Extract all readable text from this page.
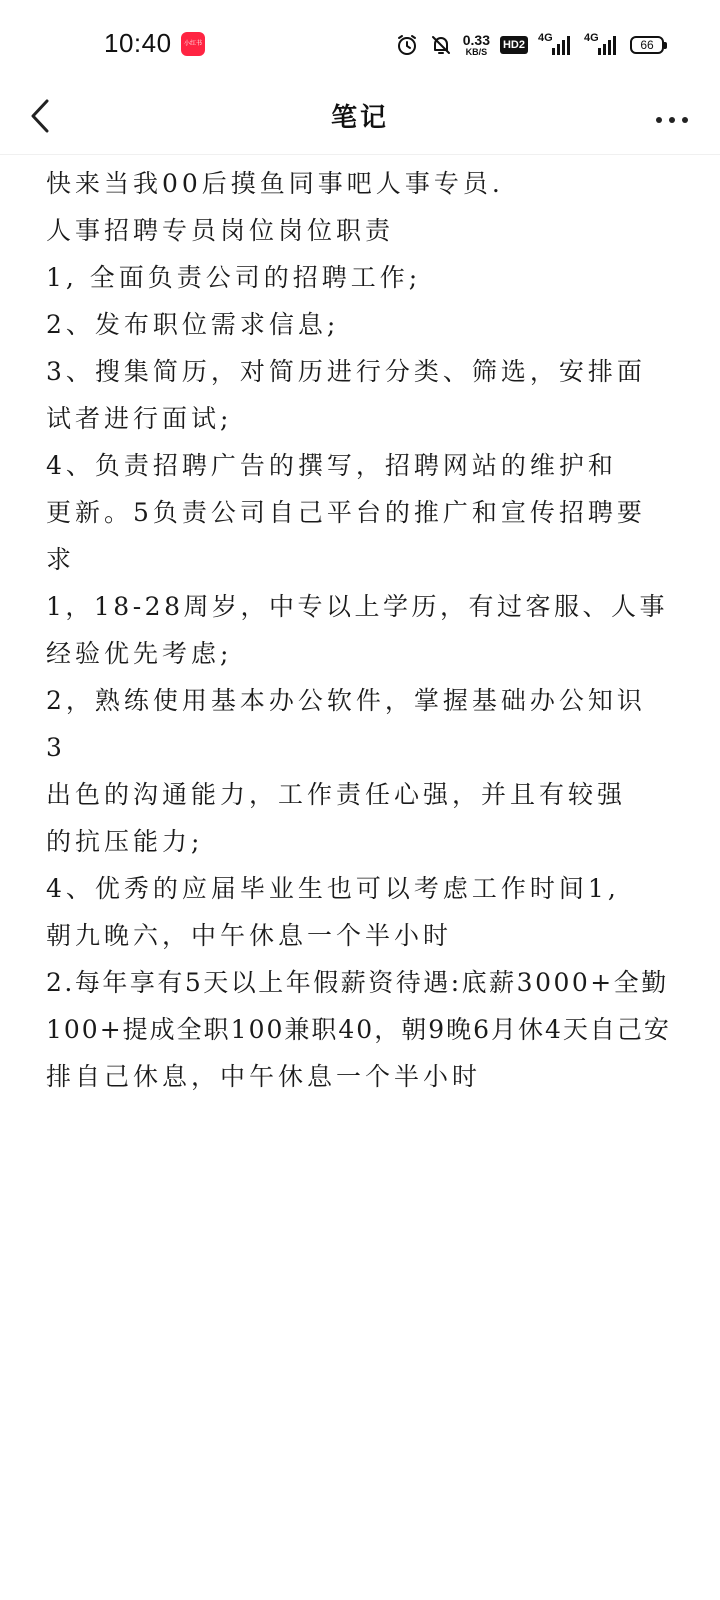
10:40	小红书	0.33
KB/S
HD2
4G	4G	66
笔记
快来当我00后摸鱼同事吧人事专员.
人事招聘专员岗位岗位职责
1, 全面负责公司的招聘工作;
2、发布职位需求信息;
3、搜集简历，对简历进行分类、筛选，安排面
试者进行面试;
4、负责招聘广告的撰写，招聘网站的维护和
更新。5负责公司自己平台的推广和宣传招聘要
求
1，18-28周岁，中专以上学历，有过客服、人事
经验优先考虑;
2，熟练使用基本办公软件，掌握基础办公知识
3
出色的沟通能力，工作责任心强，并且有较强
的抗压能力;
4、优秀的应届毕业生也可以考虑工作时间1,
朝九晚六，中午休息一个半小时
2.每年享有5天以上年假薪资待遇:底薪3000+全勤
100+提成全职100兼职40，朝9晚6月休4天自己安
排自己休息，中午休息一个半小时
